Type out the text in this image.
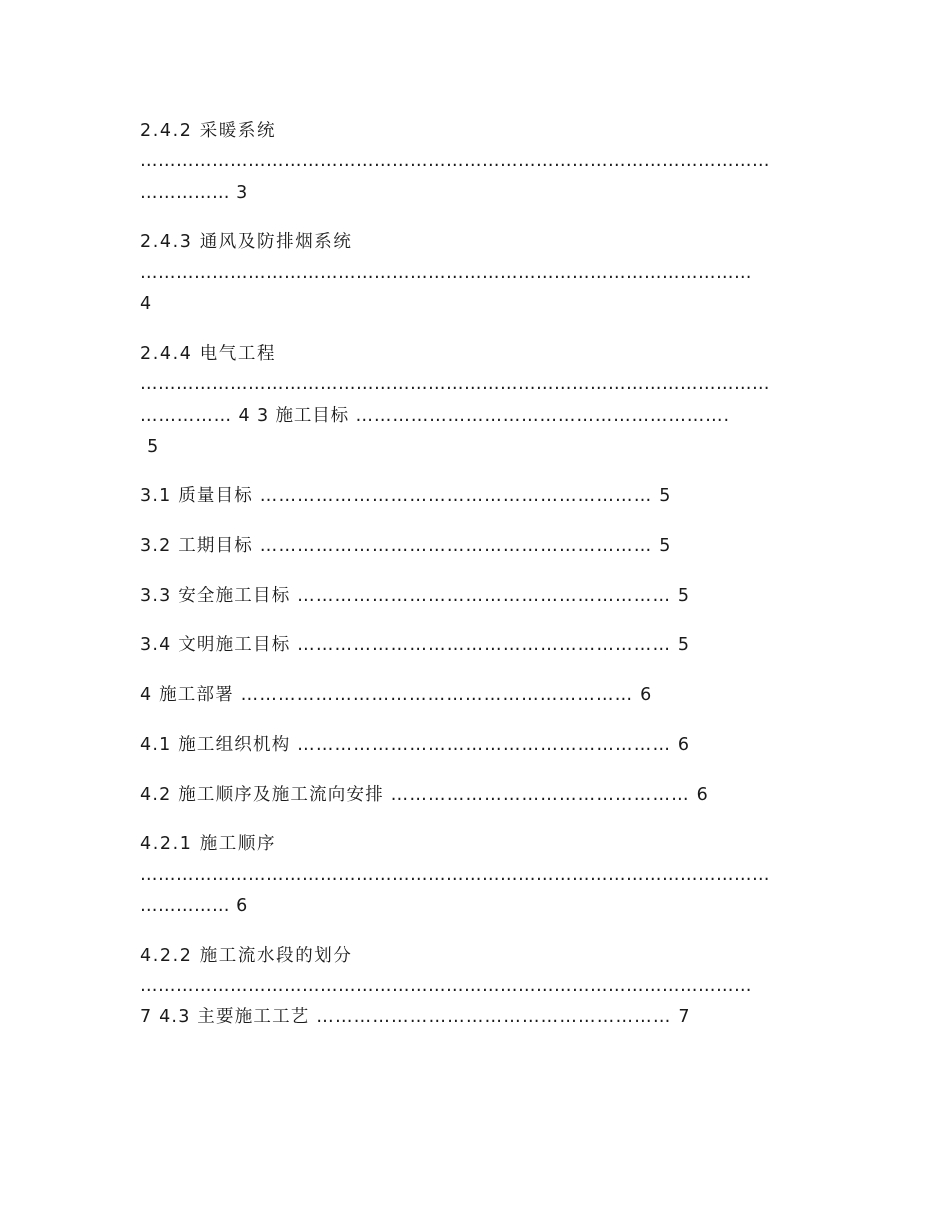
2.4.2 采暖系统

……………………………………………………………………………………………

…………… 3

2.4.3 通风及防排烟系统

…………………………………………………………………………………………

4

2.4.4 电气工程

……………………………………………………………………………………………

…………… 4 3 施工目标 …………………………………………………….

5

3.1 质量目标 ……………………………………………………… 5

3.2 工期目标 ……………………………………………………… 5

3.3 安全施工目标 …………………………………………………… 5

3.4 文明施工目标 …………………………………………………… 5

4 施工部署 ……………………………………………………… 6

4.1 施工组织机构 …………………………………………………… 6

4.2 施工顺序及施工流向安排 ………………………………………… 6

4.2.1 施工顺序

……………………………………………………………………………………………

…………… 6

4.2.2 施工流水段的划分

…………………………………………………………………………………………

7 4.3 主要施工工艺 ………………………………………………… 7
